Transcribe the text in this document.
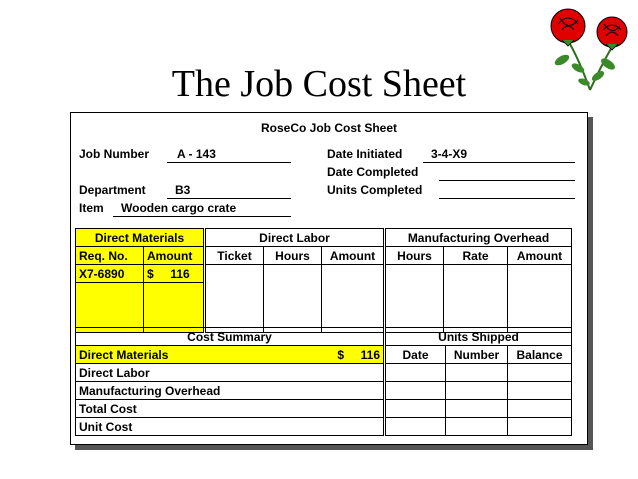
The Job Cost Sheet
RoseCo Job Cost Sheet
Job Number A - 143
Department B3
Item Wooden cargo crate
Date Initiated 3-4-X9
Date Completed
Units Completed
Direct Materials	
Req. No.	Amount
X7-6890	$     116

Direct Labor		
Ticket	Hours	Amount

Manufacturing Overhead		
Hours	Rate	Amount

Cost Summary
Direct Materials	$     116
Direct Labor
Manufacturing Overhead
Total Cost
Unit Cost
Units Shipped		
Date	Number	Balance
